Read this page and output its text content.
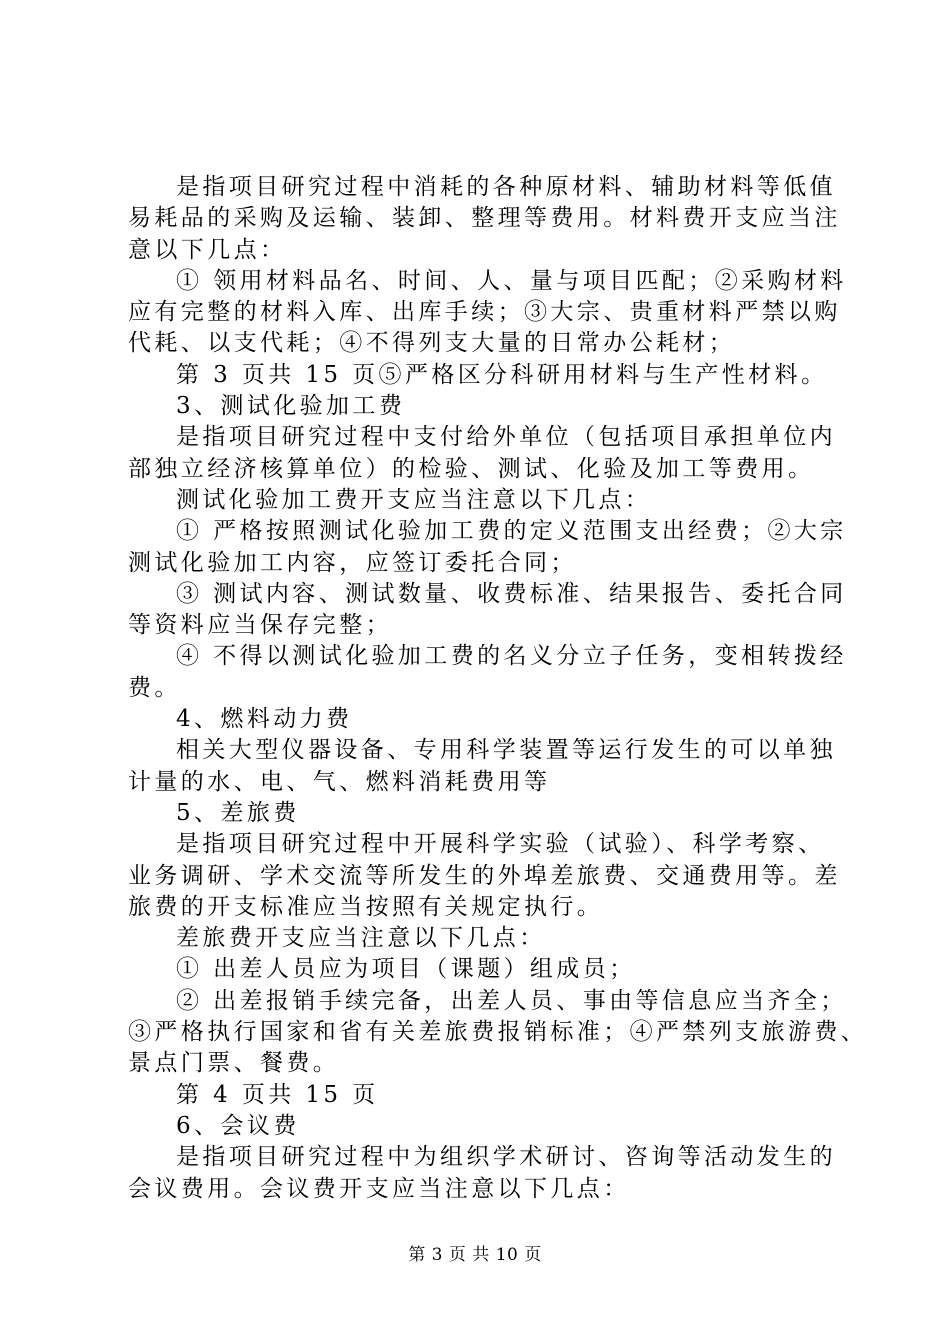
是指项目研究过程中消耗的各种原材料、辅助材料等低值
易耗品的采购及运输、装卸、整理等费用。材料费开支应当注
意以下几点：
① 领用材料品名、时间、人、量与项目匹配；②采购材料
应有完整的材料入库、出库手续；③大宗、贵重材料严禁以购
代耗、以支代耗；④不得列支大量的日常办公耗材；
第 3 页共 15 页⑤严格区分科研用材料与生产性材料。
3、测试化验加工费
是指项目研究过程中支付给外单位（包括项目承担单位内
部独立经济核算单位）的检验、测试、化验及加工等费用。
测试化验加工费开支应当注意以下几点：
① 严格按照测试化验加工费的定义范围支出经费；②大宗
测试化验加工内容，应签订委托合同；
③ 测试内容、测试数量、收费标准、结果报告、委托合同
等资料应当保存完整；
④ 不得以测试化验加工费的名义分立子任务，变相转拨经
费。
4、燃料动力费
相关大型仪器设备、专用科学装置等运行发生的可以单独
计量的水、电、气、燃料消耗费用等
5、差旅费
是指项目研究过程中开展科学实验（试验）、科学考察、
业务调研、学术交流等所发生的外埠差旅费、交通费用等。差
旅费的开支标准应当按照有关规定执行。
差旅费开支应当注意以下几点：
① 出差人员应为项目（课题）组成员；
② 出差报销手续完备，出差人员、事由等信息应当齐全；
③严格执行国家和省有关差旅费报销标准；④严禁列支旅游费、
景点门票、餐费。
第 4 页共 15 页
6、会议费
是指项目研究过程中为组织学术研讨、咨询等活动发生的
会议费用。会议费开支应当注意以下几点：
第 3 页 共 10 页
